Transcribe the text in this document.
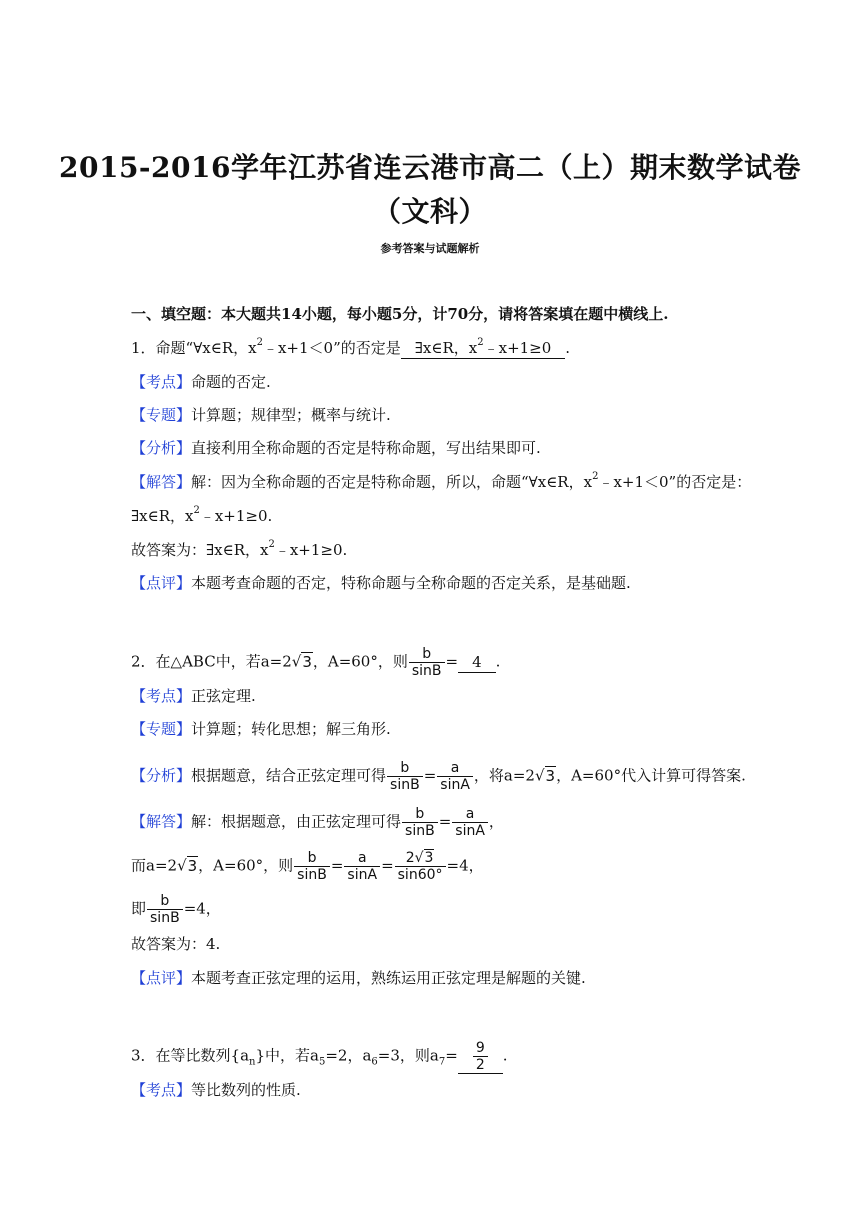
2015-2016学年江苏省连云港市高二（上）期末数学试卷
（文科）
参考答案与试题解析
一、填空题：本大题共14小题，每小题5分，计70分，请将答案填在题中横线上.
1．命题“∀x∈R，$x^2﹣x+1<0$”的否定是 ∃x∈R，$x^2﹣x+1\ge 0$ .
【考点】命题的否定.
【专题】计算题；规律型；概率与统计.
【分析】直接利用全称命题的否定是特称命题，写出结果即可.
【解答】解：因为全称命题的否定是特称命题，所以，命题“∀x∈R，$x^2﹣x+1<0$”的否定是：
∃x∈R，$x^2﹣x+1\ge 0$.
故答案为：∃x∈R，$x^2﹣x+1\ge 0$.
【点评】本题考查命题的否定，特称命题与全称命题的否定关系，是基础题.
2．在△ABC中，若a=2√3，A=60°，则 $\frac{b}{\sin B} = 4$ .
【考点】正弦定理.
【专题】计算题；转化思想；解三角形.
【分析】根据题意，结合正弦定理可得 $\frac{b}{\sin B} = \frac{a}{\sin A}$ ，将a=2√3，A=60°代入计算可得答案.
【解答】解：根据题意，由正弦定理可得 $\frac{b}{\sin B} = \frac{a}{\sin A}$ ，
而a=2√3，A=60°，则 $\frac{b}{\sin B} = \frac{a}{\sin A} = \frac{2√3}{\sin 60^\circ} =4$，
即 $\frac{b}{\sin B} =4$，
故答案为：4.
【点评】本题考查正弦定理的运用，熟练运用正弦定理是解题的关键.
3．在等比数列$\{a_n\}$中，若$a_5=2$，$a_6=3$，则$a_7= \frac{9}{2}$ .
【考点】等比数列的性质.
